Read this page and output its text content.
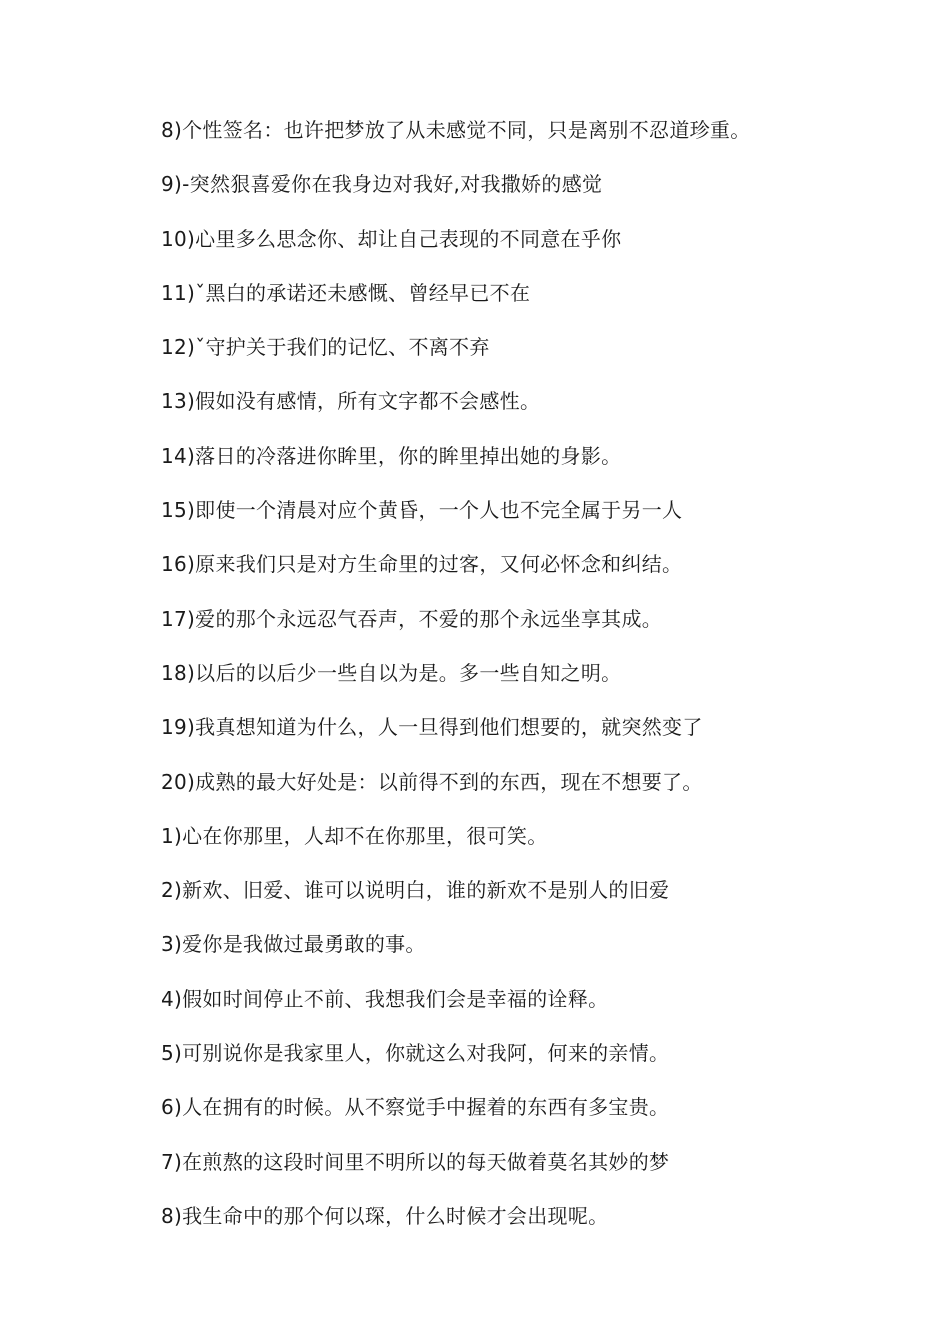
8)个性签名：也许把梦放了从未感觉不同，只是离别不忍道珍重。
9)-突然狠喜爱你在我身边对我好,对我撒娇的感觉
10)心里多么思念你、却让自己表现的不同意在乎你
11)ˇ黑白的承诺还未感慨、曾经早已不在
12)ˇ守护关于我们的记忆、不离不弃
13)假如没有感情，所有文字都不会感性。
14)落日的冷落进你眸里，你的眸里掉出她的身影。
15)即使一个清晨对应个黄昏，一个人也不完全属于另一人
16)原来我们只是对方生命里的过客，又何必怀念和纠结。
17)爱的那个永远忍气吞声，不爱的那个永远坐享其成。
18)以后的以后少一些自以为是。多一些自知之明。
19)我真想知道为什么，人一旦得到他们想要的，就突然变了
20)成熟的最大好处是：以前得不到的东西，现在不想要了。
1)心在你那里，人却不在你那里，很可笑。
2)新欢、旧爱、谁可以说明白，谁的新欢不是别人的旧爱
3)爱你是我做过最勇敢的事。
4)假如时间停止不前、我想我们会是幸福的诠释。
5)可别说你是我家里人，你就这么对我阿，何来的亲情。
6)人在拥有的时候。从不察觉手中握着的东西有多宝贵。
7)在煎熬的这段时间里不明所以的每天做着莫名其妙的梦
8)我生命中的那个何以琛，什么时候才会出现呢。
